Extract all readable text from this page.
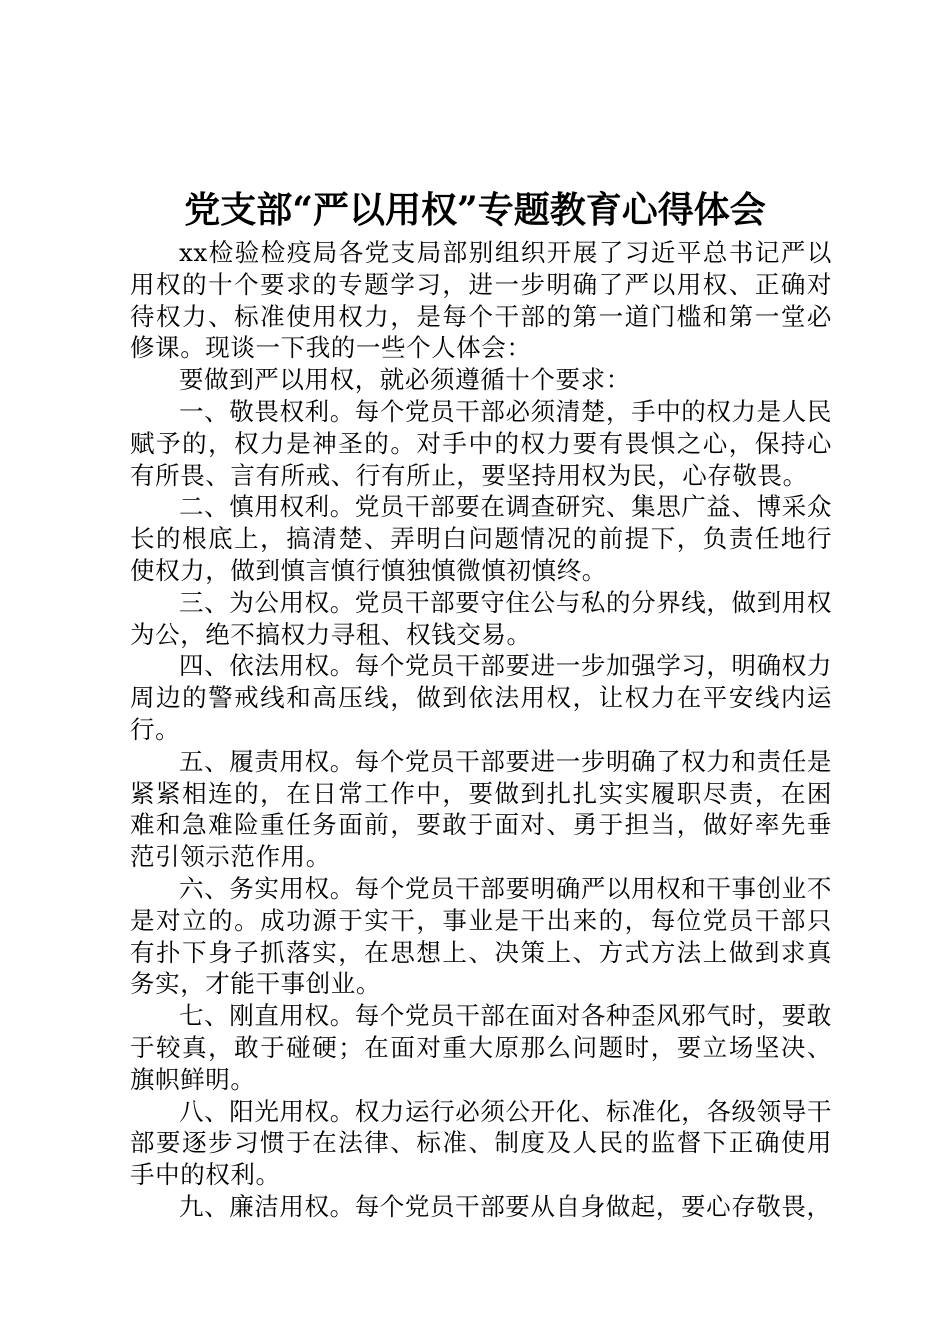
党支部“严以用权”专题教育心得体会

xx检验检疫局各党支局部别组织开展了习近平总书记严以用权的十个要求的专题学习，进一步明确了严以用权、正确对待权力、标准使用权力，是每个干部的第一道门槛和第一堂必修课。现谈一下我的一些个人体会：

要做到严以用权，就必须遵循十个要求：

一、敬畏权利。每个党员干部必须清楚，手中的权力是人民赋予的，权力是神圣的。对手中的权力要有畏惧之心，保持心有所畏、言有所戒、行有所止，要坚持用权为民，心存敬畏。

二、慎用权利。党员干部要在调查研究、集思广益、博采众长的根底上，搞清楚、弄明白问题情况的前提下，负责任地行使权力，做到慎言慎行慎独慎微慎初慎终。

三、为公用权。党员干部要守住公与私的分界线，做到用权为公，绝不搞权力寻租、权钱交易。

四、依法用权。每个党员干部要进一步加强学习，明确权力周边的警戒线和高压线，做到依法用权，让权力在平安线内运行。

五、履责用权。每个党员干部要进一步明确了权力和责任是紧紧相连的，在日常工作中，要做到扎扎实实履职尽责，在困难和急难险重任务面前，要敢于面对、勇于担当，做好率先垂范引领示范作用。

六、务实用权。每个党员干部要明确严以用权和干事创业不是对立的。成功源于实干，事业是干出来的，每位党员干部只有扑下身子抓落实，在思想上、决策上、方式方法上做到求真务实，才能干事创业。

七、刚直用权。每个党员干部在面对各种歪风邪气时，要敢于较真，敢于碰硬；在面对重大原那么问题时，要立场坚决、旗帜鲜明。

八、阳光用权。权力运行必须公开化、标准化，各级领导干部要逐步习惯于在法律、标准、制度及人民的监督下正确使用手中的权利。

九、廉洁用权。每个党员干部要从自身做起，要心存敬畏，
